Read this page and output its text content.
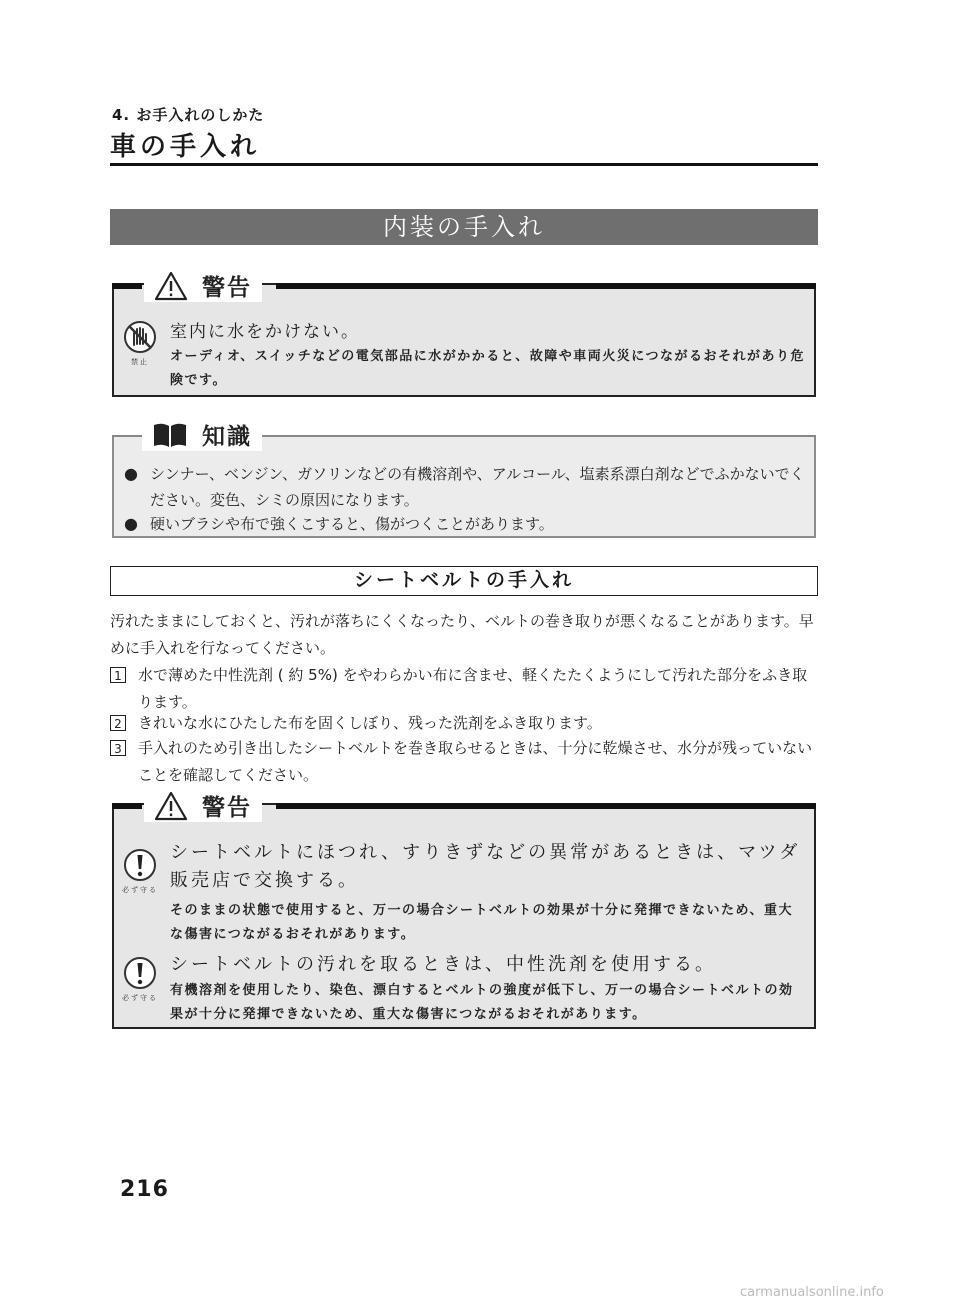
4. お手入れのしかた
車の手入れ
内装の手入れ
警告
禁止
室内に水をかけない。
オーディオ、スイッチなどの電気部品に水がかかると、故障や車両火災につながるおそれがあり危険です。
知識
● シンナー、ベンジン、ガソリンなどの有機溶剤や、アルコール、塩素系漂白剤などでふかないでください。変色、シミの原因になります。
● 硬いブラシや布で強くこすると、傷がつくことがあります。
シートベルトの手入れ
汚れたままにしておくと、汚れが落ちにくくなったり、ベルトの巻き取りが悪くなることがあります。早めに手入れを行なってください。
1 水で薄めた中性洗剤 ( 約 5%) をやわらかい布に含ませ、軽くたたくようにして汚れた部分をふき取ります。
2 きれいな水にひたした布を固くしぼり、残った洗剤をふき取ります。
3 手入れのため引き出したシートベルトを巻き取らせるときは、十分に乾燥させ、水分が残っていないことを確認してください。
警告
必ず守る
シートベルトにほつれ、すりきずなどの異常があるときは、マツダ販売店で交換する。
そのままの状態で使用すると、万一の場合シートベルトの効果が十分に発揮できないため、重大な傷害につながるおそれがあります。
必ず守る
シートベルトの汚れを取るときは、中性洗剤を使用する。
有機溶剤を使用したり、染色、漂白するとベルトの強度が低下し、万一の場合シートベルトの効果が十分に発揮できないため、重大な傷害につながるおそれがあります。
216
carmanualsonline.info
